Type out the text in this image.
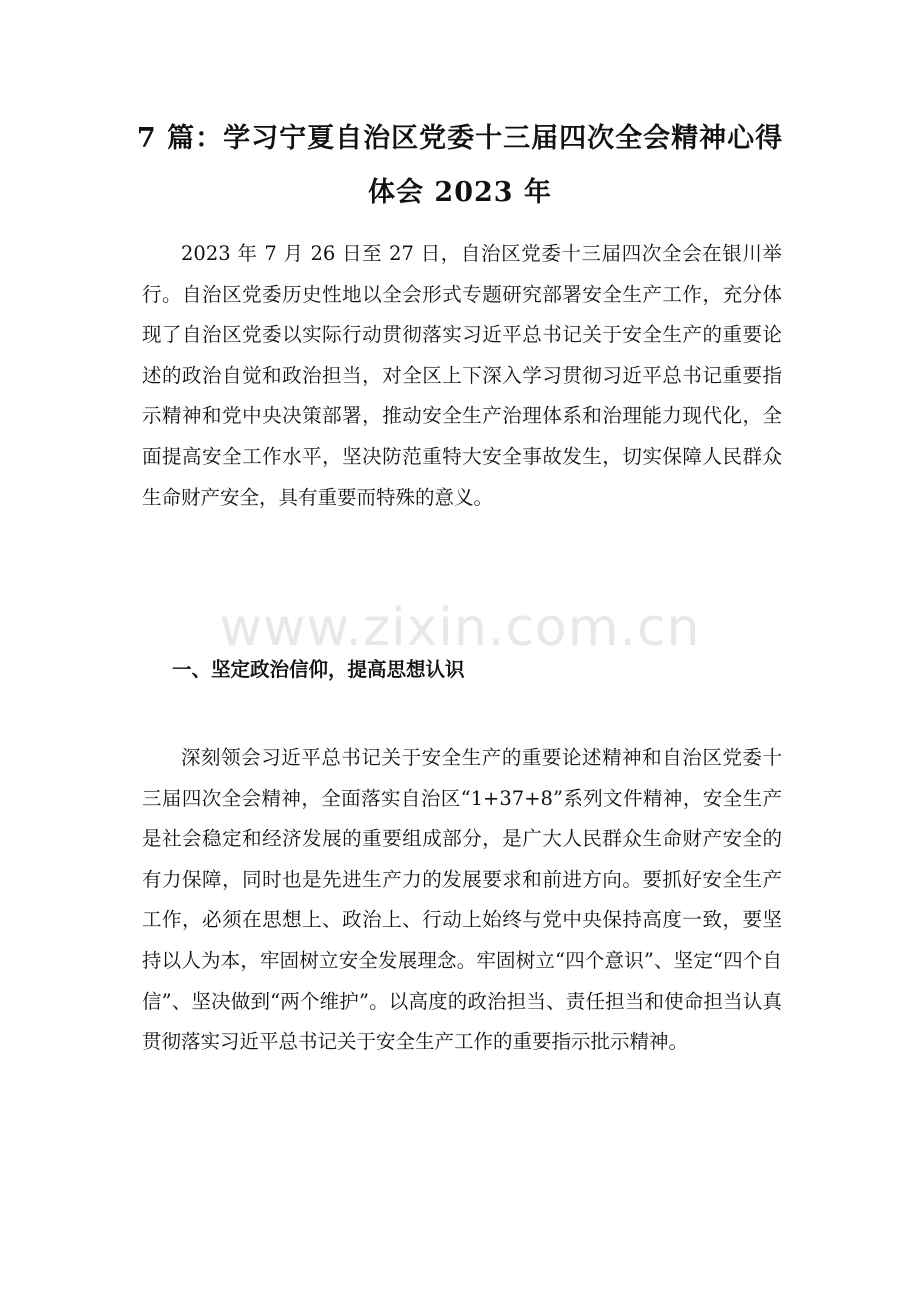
7 篇：学习宁夏自治区党委十三届四次全会精神心得
体会 2023 年

2023 年 7 月 26 日至 27 日，自治区党委十三届四次全会在银川举行。自治区党委历史性地以全会形式专题研究部署安全生产工作，充分体现了自治区党委以实际行动贯彻落实习近平总书记关于安全生产的重要论述的政治自觉和政治担当，对全区上下深入学习贯彻习近平总书记重要指示精神和党中央决策部署，推动安全生产治理体系和治理能力现代化，全面提高安全工作水平，坚决防范重特大安全事故发生，切实保障人民群众生命财产安全，具有重要而特殊的意义。

www.zixin.com.cn

一、坚定政治信仰，提高思想认识

深刻领会习近平总书记关于安全生产的重要论述精神和自治区党委十三届四次全会精神，全面落实自治区“1+37+8”系列文件精神，安全生产是社会稳定和经济发展的重要组成部分，是广大人民群众生命财产安全的有力保障，同时也是先进生产力的发展要求和前进方向。要抓好安全生产工作，必须在思想上、政治上、行动上始终与党中央保持高度一致，要坚持以人为本，牢固树立安全发展理念。牢固树立“四个意识”、坚定“四个自信”、坚决做到“两个维护”。以高度的政治担当、责任担当和使命担当认真贯彻落实习近平总书记关于安全生产工作的重要指示批示精神。
